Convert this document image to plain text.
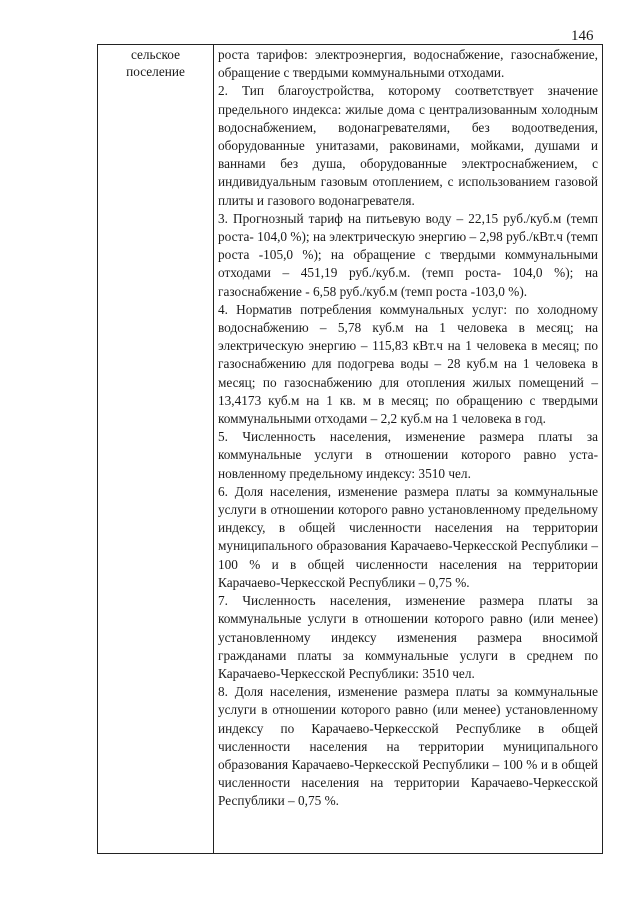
146
сельское
поселение

роста тарифов: электроэнергия, водоснабжение, газоснабжение, обращение с твердыми коммунальными отходами.

2. Тип благоустройства, которому соответствует значение предельного индекса: жилые дома с централизованным холодным водоснабжением, водонагревателями, без водоотведения, оборудованные унитазами, раковинами, мойками, душами и ваннами без душа, оборудованные электроснабжением, с индивидуальным газовым отоплением, с использованием газовой плиты и газового водонагревателя.

3. Прогнозный тариф на питьевую воду – 22,15 руб./куб.м (темп роста- 104,0 %); на электрическую энергию – 2,98 руб./кВт.ч (темп роста -105,0 %); на обращение с твердыми коммунальными отходами – 451,19 руб./куб.м. (темп роста- 104,0 %); на газоснабжение - 6,58 руб./куб.м (темп роста -103,0 %).

4. Норматив потребления коммунальных услуг: по холодному водоснабжению – 5,78 куб.м на 1 человека в месяц; на электрическую энергию – 115,83 кВт.ч на 1 человека в месяц; по газоснабжению для подогрева воды – 28 куб.м на 1 человека в месяц; по газоснабжению для отопления жилых помещений – 13,4173 куб.м на 1 кв. м в месяц; по обращению с твердыми коммунальными отходами – 2,2 куб.м на 1 человека в год.

5. Численность населения, изменение размера платы за коммунальные услуги в отношении которого равно установленному предельному индексу: 3510 чел.

6. Доля населения, изменение размера платы за коммунальные услуги в отношении которого равно установленному предельному индексу, в общей численности населения на территории муниципального образования Карачаево-Черкесской Республики – 100 % и в общей численности населения на территории Карачаево-Черкесской Республики – 0,75 %.

7. Численность населения, изменение размера платы за коммунальные услуги в отношении которого равно (или менее) установленному индексу изменения размера вносимой гражданами платы за коммунальные услуги в среднем по Карачаево-Черкесской Республики: 3510 чел.

8. Доля населения, изменение размера платы за коммунальные услуги в отношении которого равно (или менее) установленному индексу по Карачаево-Черкесской Республике в общей численности населения на территории муниципального образования Карачаево-Черкесской Республики – 100 % и в общей численности населения на территории Карачаево-Черкесской Республики – 0,75 %.
